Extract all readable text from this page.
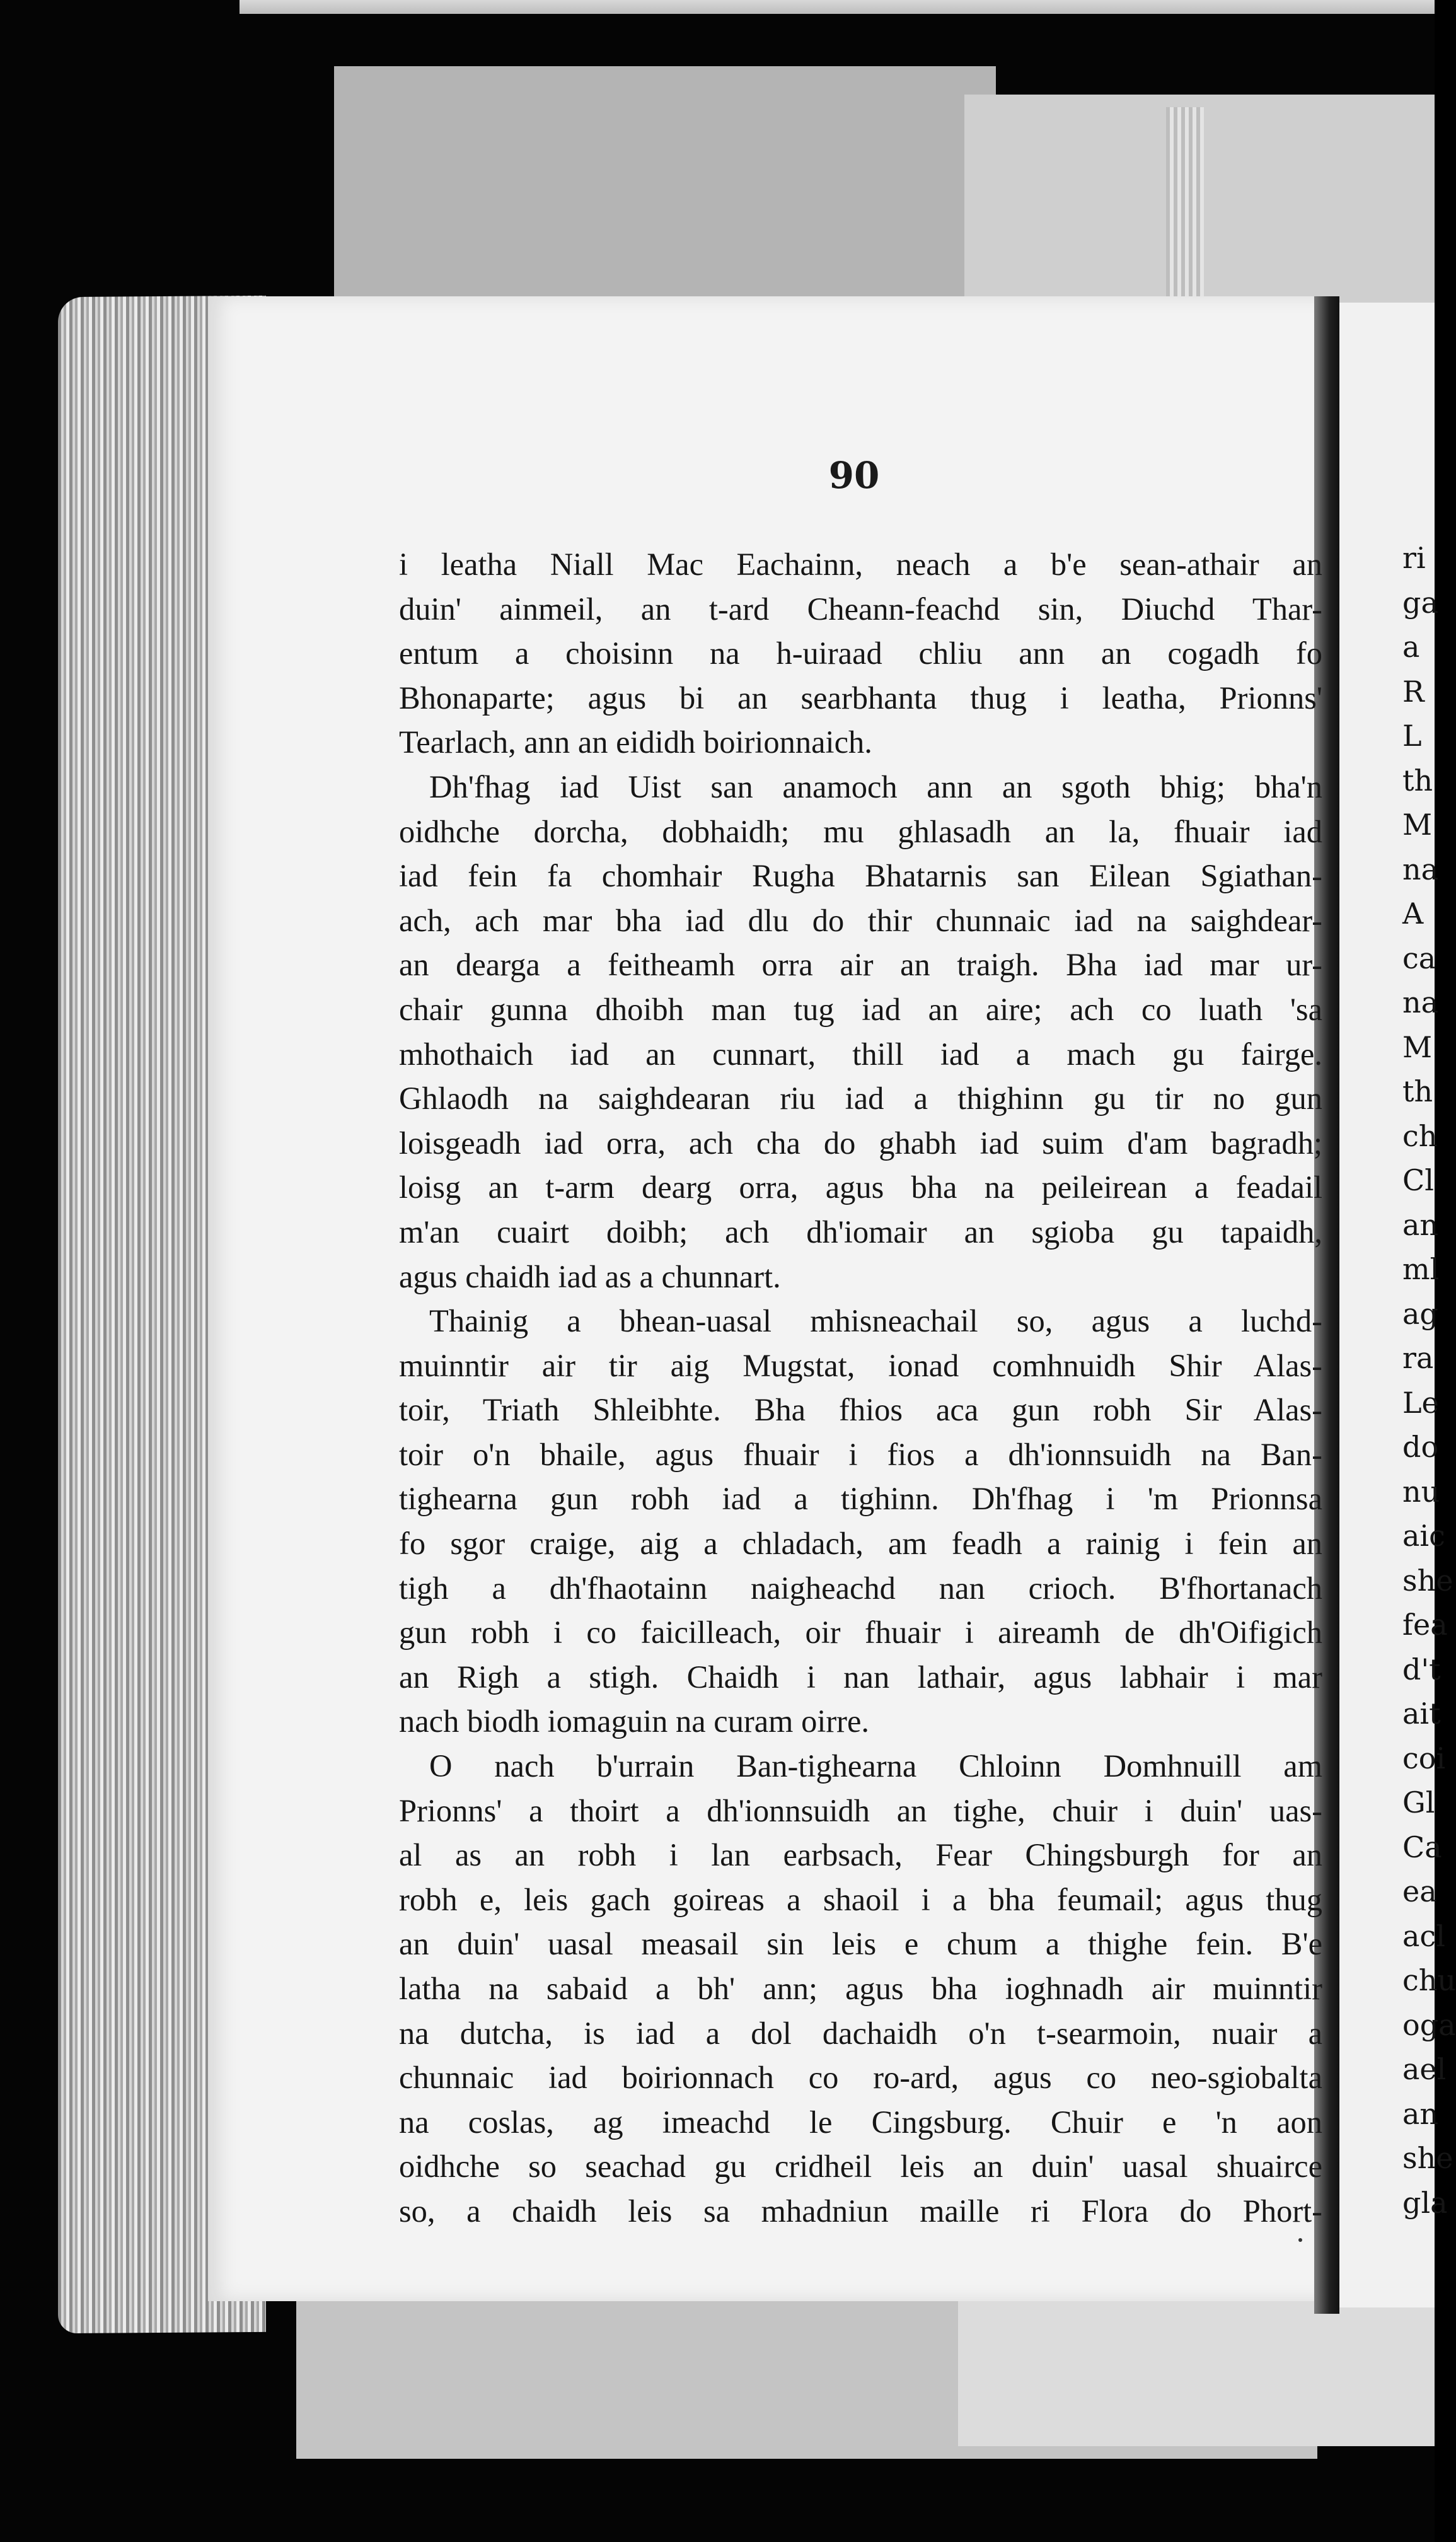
ri
ga
a
R
L
th
M
na
A
ca
na
M
th
ch
Cl
an
ml
ag
ra
Le
do
nu
aic
she
fea
d't
ait
coi
Gl
Ca
ea
acl
chu
oga
ael
an
she
gla
90
i leatha Niall Mac Eachainn, neach a b'e sean-athair an
duin' ainmeil, an t-ard Cheann-feachd sin, Diuchd Thar-
entum a choisinn na h-uiraad chliu ann an cogadh fo
Bhonaparte; agus bi an searbhanta thug i leatha, Prionns'
Tearlach, ann an eididh boirionnaich.
Dh'fhag iad Uist san anamoch ann an sgoth bhig; bha'n
oidhche dorcha, dobhaidh; mu ghlasadh an la, fhuair iad
iad fein fa chomhair Rugha Bhatarnis san Eilean Sgiathan-
ach, ach mar bha iad dlu do thir chunnaic iad na saighdear-
an dearga a feitheamh orra air an traigh. Bha iad mar ur-
chair gunna dhoibh man tug iad an aire; ach co luath 'sa
mhothaich iad an cunnart, thill iad a mach gu fairge.
Ghlaodh na saighdearan riu iad a thighinn gu tir no gun
loisgeadh iad orra, ach cha do ghabh iad suim d'am bagradh;
loisg an t-arm dearg orra, agus bha na peileirean a feadail
m'an cuairt doibh; ach dh'iomair an sgioba gu tapaidh,
agus chaidh iad as a chunnart.
Thainig a bhean-uasal mhisneachail so, agus a luchd-
muinntir air tir aig Mugstat, ionad comhnuidh Shir Alas-
toir, Triath Shleibhte. Bha fhios aca gun robh Sir Alas-
toir o'n bhaile, agus fhuair i fios a dh'ionnsuidh na Ban-
tighearna gun robh iad a tighinn. Dh'fhag i 'm Prionnsa
fo sgor craige, aig a chladach, am feadh a rainig i fein an
tigh a dh'fhaotainn naigheachd nan crioch. B'fhortanach
gun robh i co faicilleach, oir fhuair i aireamh de dh'Oifigich
an Righ a stigh. Chaidh i nan lathair, agus labhair i mar
nach biodh iomaguin na curam oirre.
O nach b'urrain Ban-tighearna Chloinn Domhnuill am
Prionns' a thoirt a dh'ionnsuidh an tighe, chuir i duin' uas-
al as an robh i lan earbsach, Fear Chingsburgh for an
robh e, leis gach goireas a shaoil i a bha feumail; agus thug
an duin' uasal measail sin leis e chum a thighe fein. B'e
latha na sabaid a bh' ann; agus bha ioghnadh air muinntir
na dutcha, is iad a dol dachaidh o'n t-searmoin, nuair a
chunnaic iad boirionnach co ro-ard, agus co neo-sgiobalta
na coslas, ag imeachd le Cingsburg. Chuir e 'n aon
oidhche so seachad gu cridheil leis an duin' uasal shuairce
so, a chaidh leis sa mhadniun maille ri Flora do Phort-
